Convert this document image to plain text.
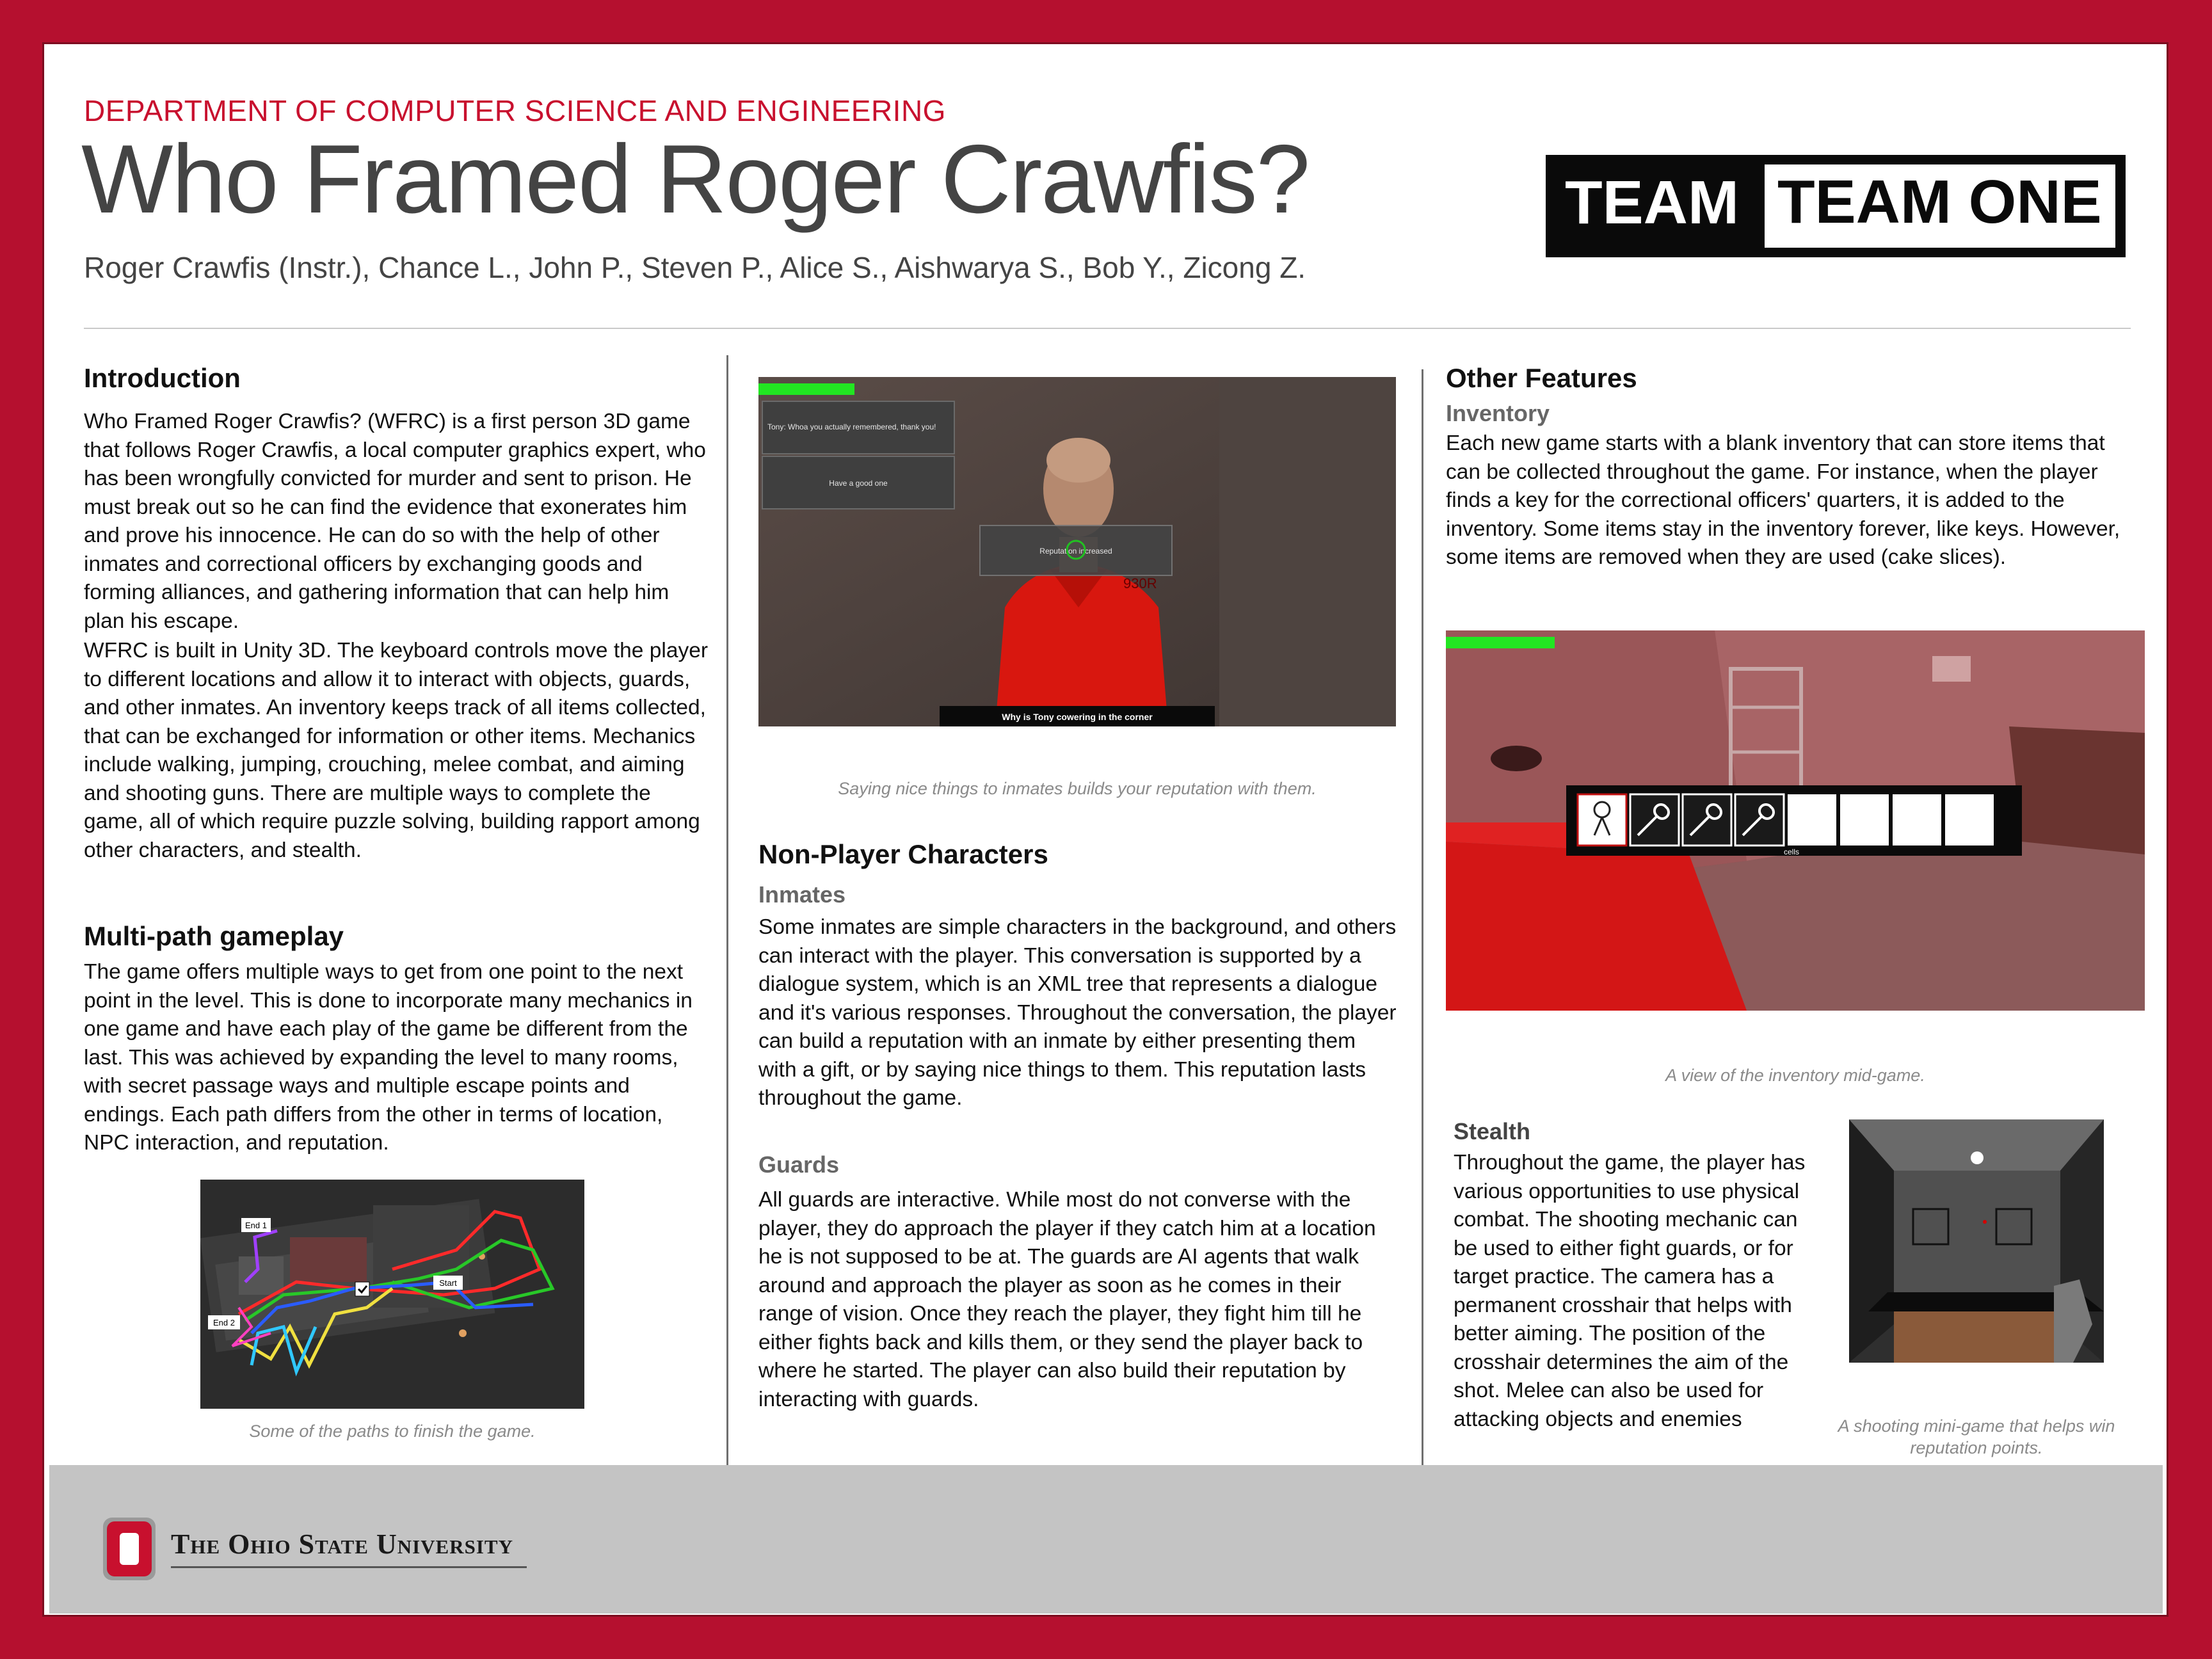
DEPARTMENT OF COMPUTER SCIENCE AND ENGINEERING
Who Framed Roger Crawfis?
Roger Crawfis (Instr.), Chance L., John P., Steven P., Alice S., Aishwarya S., Bob Y., Zicong Z.
TEAM TEAM ONE
Introduction

Who Framed Roger Crawfis? (WFRC) is a first person 3D game that follows Roger Crawfis, a local computer graphics expert, who has been wrongfully convicted for murder and sent to prison. He must break out so he can find the evidence that exonerates him and prove his innocence. He can do so with the help of other inmates and correctional officers by exchanging goods and forming alliances, and gathering information that can help him plan his escape.

WFRC is built in Unity 3D. The keyboard controls move the player to different locations and allow it to interact with objects, guards, and other inmates. An inventory keeps track of all items collected, that can be exchanged for information or other items. Mechanics include walking, jumping, crouching, melee combat, and aiming and shooting guns. There are multiple ways to complete the game, all of which require puzzle solving, building rapport among other characters, and stealth.

Multi-path gameplay

The game offers multiple ways to get from one point to the next point in the level. This is done to incorporate many mechanics in one game and have each play of the game be different from the last. This was achieved by expanding the level to many rooms, with secret passage ways and multiple escape points and endings. Each path differs from the other in terms of location, NPC interaction, and reputation.

End 1
End 2
Start
Some of the paths to finish the game.
Tony: Whoa you actually remembered, thank you!
Have a good one
930R
Reputation increased
Why is Tony cowering in the corner
Saying nice things to inmates builds your reputation with them.
Non-Player Characters
Inmates

Some inmates are simple characters in the background, and others can interact with the player. This conversation is supported by a dialogue system, which is an XML tree that represents a dialogue and it's various responses. Throughout the conversation, the player can build a reputation with an inmate by either presenting them with a gift, or by saying nice things to them. This reputation lasts throughout the game.

Guards

All guards are interactive. While most do not converse with the player, they do approach the player if they catch him at a location he is not supposed to be at. The guards are AI agents that walk around and approach the player as soon as he comes in their range of vision. Once they reach the player, they fight him till he either fights back and kills them, or they send the player back to where he started. The player can also build their reputation by interacting with guards.

Other Features
Inventory

Each new game starts with a blank inventory that can store items that can be collected throughout the game. For instance, when the player finds a key for the correctional officers' quarters, it is added to the inventory. Some items stay in the inventory forever, like keys. However, some items are removed when they are used (cake slices).

cells
A view of the inventory mid-game.
Stealth

Throughout the game, the player has various opportunities to use physical combat. The shooting mechanic can be used to either fight guards, or for target practice. The camera has a permanent crosshair that helps with better aiming. The position of the crosshair determines the aim of the shot. Melee can also be used for attacking objects and enemies	A shooting mini-game that helps win reputation points.
The Ohio State University
